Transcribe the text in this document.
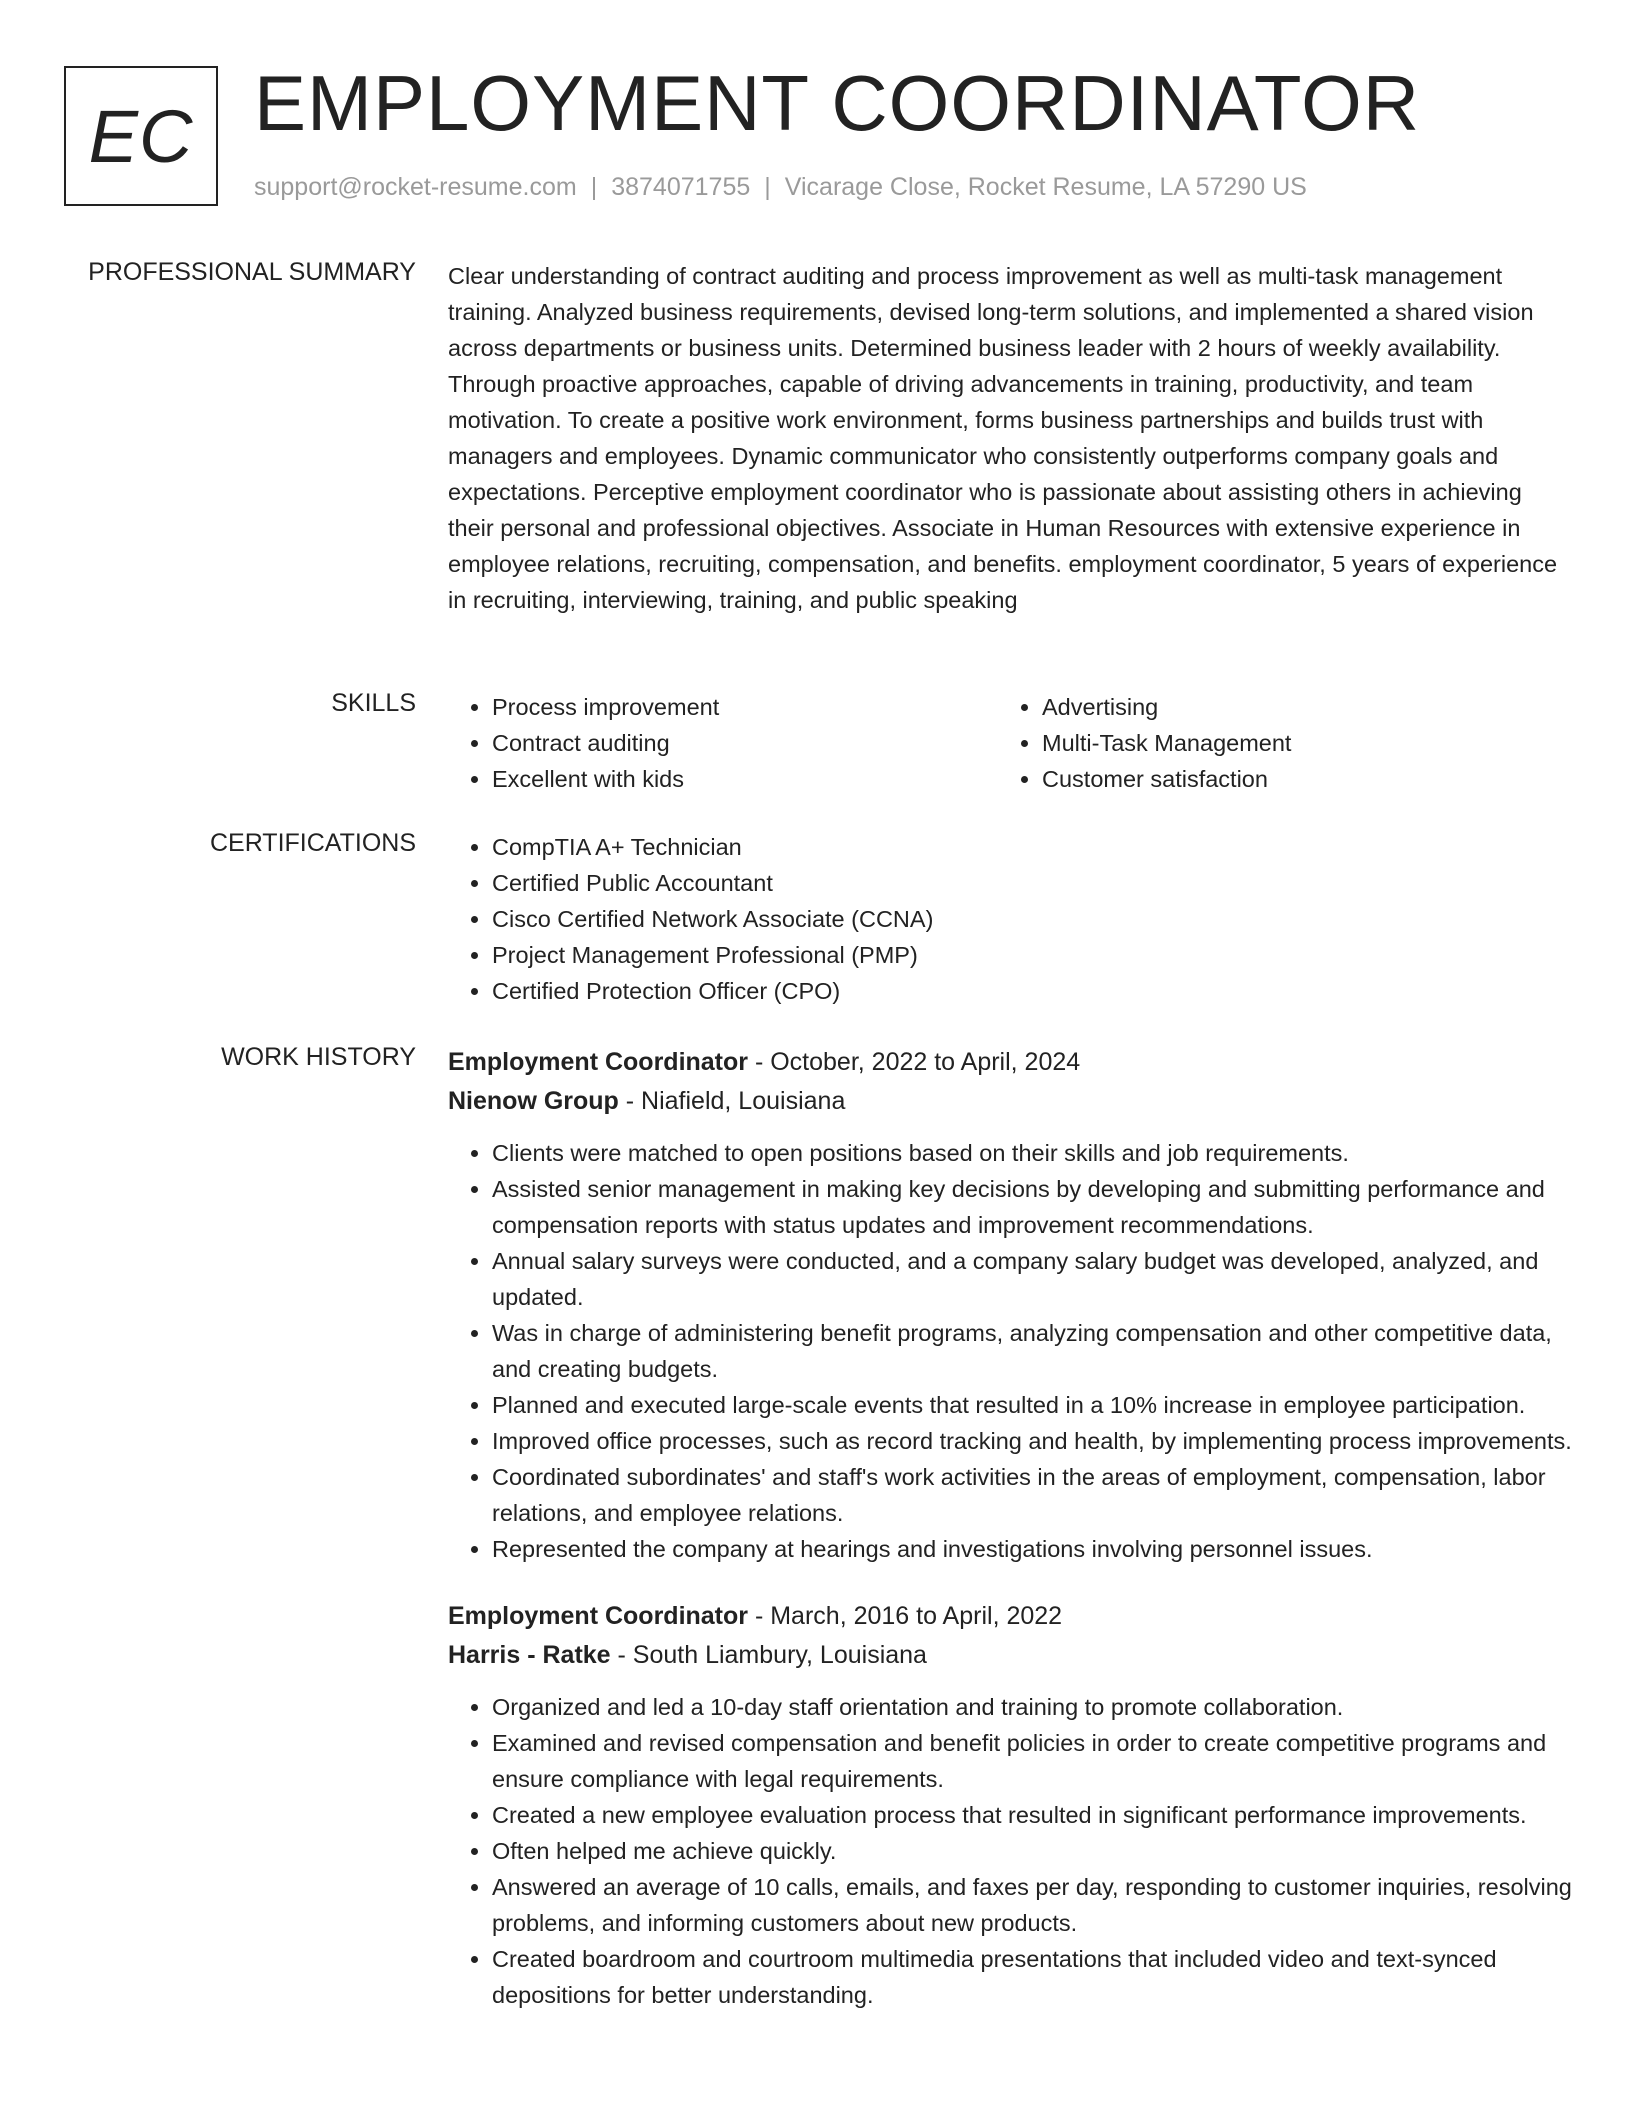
EC EMPLOYMENT COORDINATOR
support@rocket-resume.com | 3874071755 | Vicarage Close, Rocket Resume, LA 57290 US
PROFESSIONAL SUMMARY Clear understanding of contract auditing and process improvement as well as multi-task management training. Analyzed business requirements, devised long-term solutions, and implemented a shared vision across departments or business units. Determined business leader with 2 hours of weekly availability. Through proactive approaches, capable of driving advancements in training, productivity, and team motivation. To create a positive work environment, forms business partnerships and builds trust with managers and employees. Dynamic communicator who consistently outperforms company goals and expectations. Perceptive employment coordinator who is passionate about assisting others in achieving their personal and professional objectives. Associate in Human Resources with extensive experience in employee relations, recruiting, compensation, and benefits. employment coordinator, 5 years of experience in recruiting, interviewing, training, and public speaking

SKILLS	• Process improvement
• Contract auditing
• Excellent with kids
• Advertising
• Multi-Task Management
• Customer satisfaction
CERTIFICATIONS	• CompTIA A+ Technician
• Certified Public Accountant
• Cisco Certified Network Associate (CCNA)
• Project Management Professional (PMP)
• Certified Protection Officer (CPO)
WORK HISTORY Employment Coordinator - October, 2022 to April, 2024
Nienow Group - Niafield, Louisiana
• Clients were matched to open positions based on their skills and job requirements.
• Assisted senior management in making key decisions by developing and submitting performance and compensation reports with status updates and improvement recommendations.
• Annual salary surveys were conducted, and a company salary budget was developed, analyzed, and updated.
• Was in charge of administering benefit programs, analyzing compensation and other competitive data, and creating budgets.
• Planned and executed large-scale events that resulted in a 10% increase in employee participation.
• Improved office processes, such as record tracking and health, by implementing process improvements.
• Coordinated subordinates' and staff's work activities in the areas of employment, compensation, labor relations, and employee relations.
• Represented the company at hearings and investigations involving personnel issues.
Employment Coordinator - March, 2016 to April, 2022
Harris - Ratke - South Liambury, Louisiana
• Organized and led a 10-day staff orientation and training to promote collaboration.
• Examined and revised compensation and benefit policies in order to create competitive programs and ensure compliance with legal requirements.
• Created a new employee evaluation process that resulted in significant performance improvements.
• Often helped me achieve quickly.
• Answered an average of 10 calls, emails, and faxes per day, responding to customer inquiries, resolving problems, and informing customers about new products.
• Created boardroom and courtroom multimedia presentations that included video and text-synced depositions for better understanding.
